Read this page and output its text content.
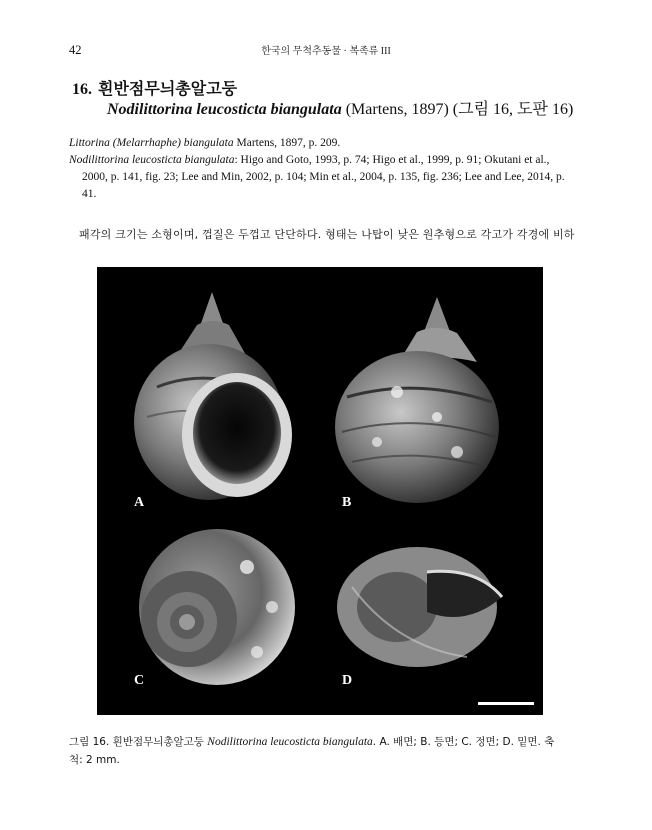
42	한국의 무척추동물 · 복족류 III
16. 흰반점무늬총알고둥
Nodilittorina leucosticta biangulata (Martens, 1897) (그림 16, 도판 16)
Littorina (Melarrhaphe) biangulata Martens, 1897, p. 209.
Nodilittorina leucosticta biangulata: Higo and Goto, 1993, p. 74; Higo et al., 1999, p. 91; Okutani et al.,
2000, p. 141, fig. 23; Lee and Min, 2002, p. 104; Min et al., 2004, p. 135, fig. 236; Lee and Lee, 2014, p.
41.
패각의 크기는 소형이며, 껍질은 두껍고 단단하다. 형태는 나탑이 낮은 원추형으로 각고가 각경에 비하
A	B
C	D
그림 16. 흰반점무늬총알고둥 Nodilittorina leucosticta biangulata. A. 배면; B. 등면; C. 정면; D. 밑면. 축
척: 2 mm.
